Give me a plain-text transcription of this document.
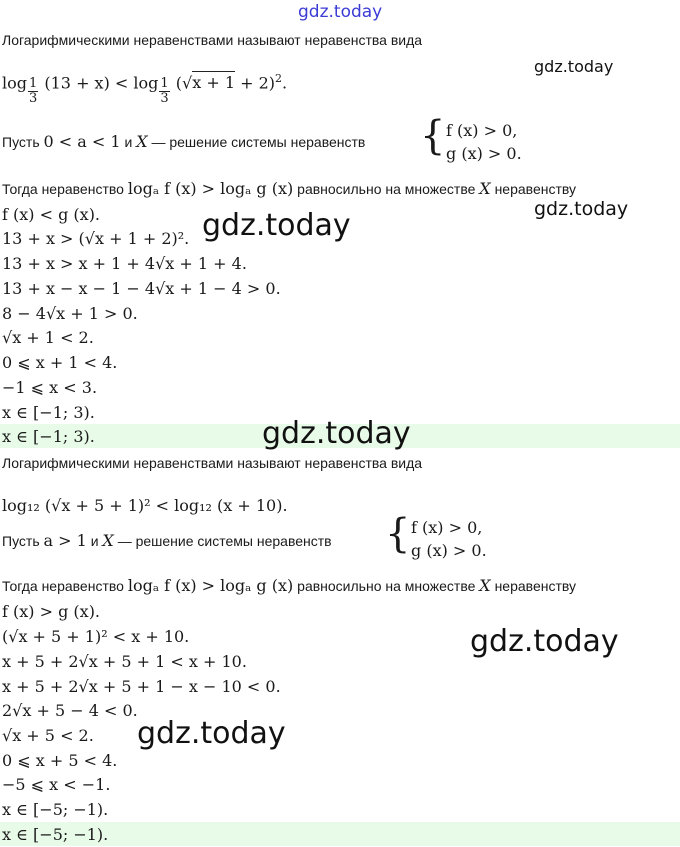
gdz.today
gdz.today
gdz.today
gdz.today
gdz.today
gdz.today
gdz.today
Логарифмическими неравенствами называют неравенства вида
$\log \frac{1}{3} (13 + x) < \log \frac{1}{3} (√x + 1 + 2)^2$.
Пусть 0 < a < 1 и X — решение системы неравенств { f (x) > 0,
g (x) > 0.
Тогда неравенство logₐ f (x) > logₐ g (x) равносильно на множестве X неравенству
f (x) < g (x).
13 + x > (√x + 1 + 2)².
13 + x > x + 1 + 4√x + 1 + 4.
13 + x − x − 1 − 4√x + 1 − 4 > 0.
8 − 4√x + 1 > 0.
√x + 1 < 2.
0 ⩽ x + 1 < 4.
−1 ⩽ x < 3.
x ∈ [−1; 3).
x ∈ [−1; 3).
Логарифмическими неравенствами называют неравенства вида
log₁₂ (√x + 5 + 1)² < log₁₂ (x + 10).
Пусть a > 1 и X — решение системы неравенств { f (x) > 0,
g (x) > 0.
Тогда неравенство logₐ f (x) > logₐ g (x) равносильно на множестве X неравенству
f (x) > g (x).
(√x + 5 + 1)² < x + 10.
x + 5 + 2√x + 5 + 1 < x + 10.
x + 5 + 2√x + 5 + 1 − x − 10 < 0.
2√x + 5 − 4 < 0.
√x + 5 < 2.
0 ⩽ x + 5 < 4.
−5 ⩽ x < −1.
x ∈ [−5; −1).
x ∈ [−5; −1).
